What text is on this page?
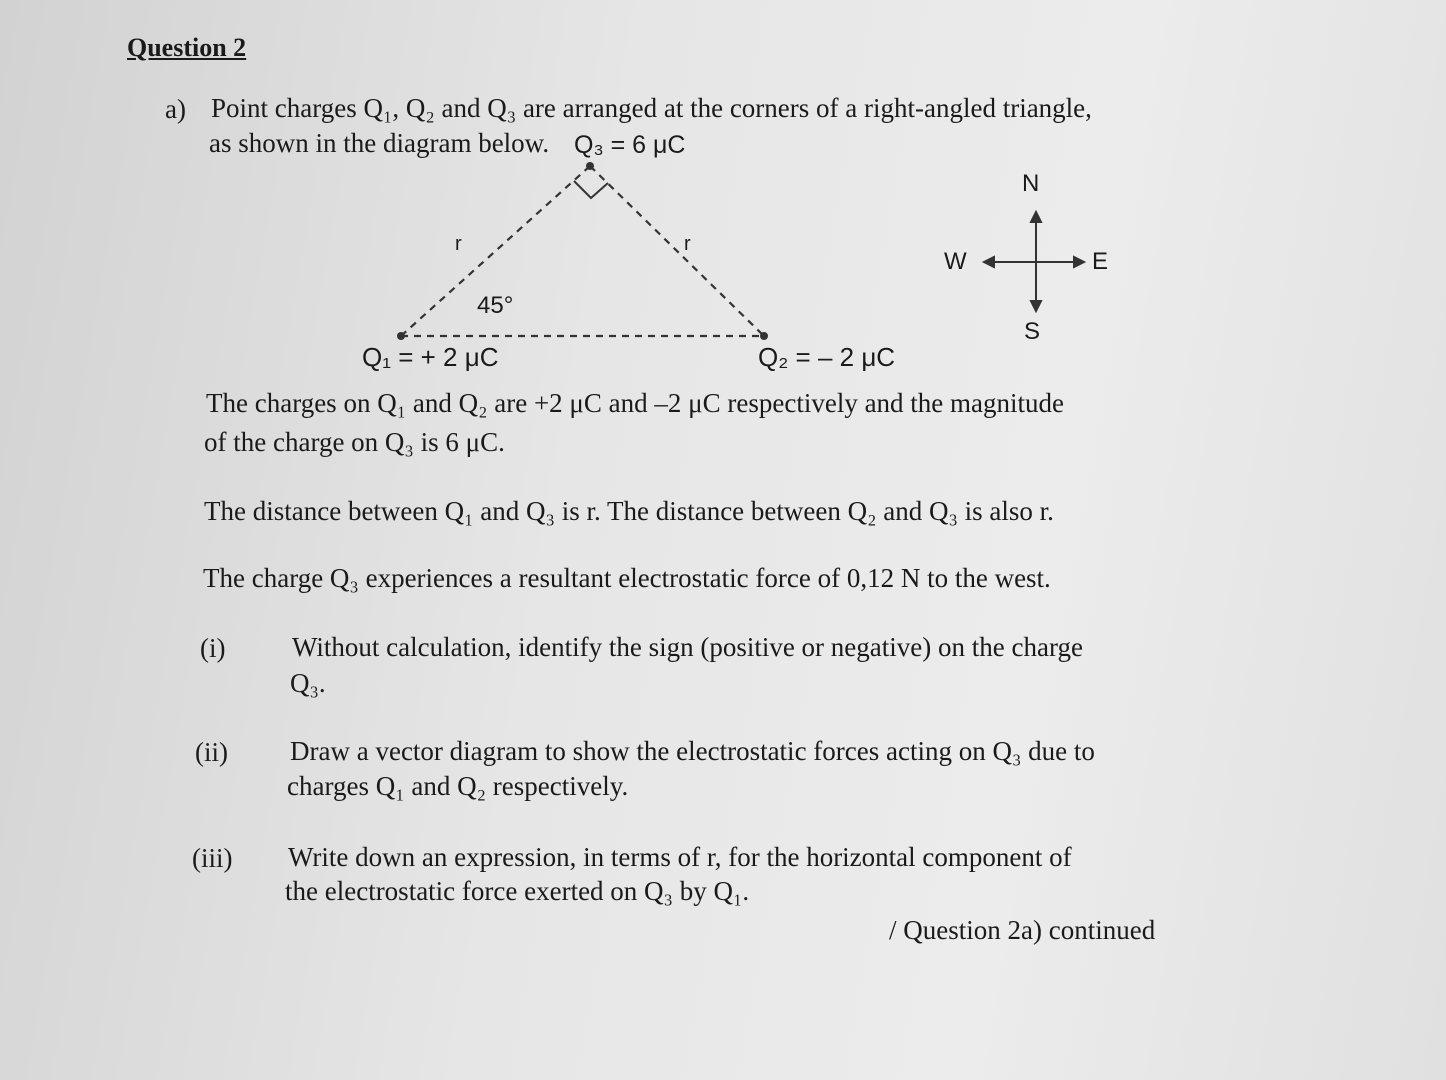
Question 2
a) Point charges Q₁, Q₂ and Q₃ are arranged at the corners of a right-angled triangle,
as shown in the diagram below. Q₃ = 6 μC
r	r
45°
Q₁ = + 2 μC	Q₂ = – 2 μC
N
S
E
W
The charges on Q₁ and Q₂ are +2 μC and –2 μC respectively and the magnitude
of the charge on Q₃ is 6 μC.
The distance between Q₁ and Q₃ is r. The distance between Q₂ and Q₃ is also r.
The charge Q₃ experiences a resultant electrostatic force of 0,12 N to the west.
(i) Without calculation, identify the sign (positive or negative) on the charge
Q₃.
(ii) Draw a vector diagram to show the electrostatic forces acting on Q₃ due to
charges Q₁ and Q₂ respectively.
(iii) Write down an expression, in terms of r, for the horizontal component of
the electrostatic force exerted on Q₃ by Q₁.
/ Question 2a) continued
